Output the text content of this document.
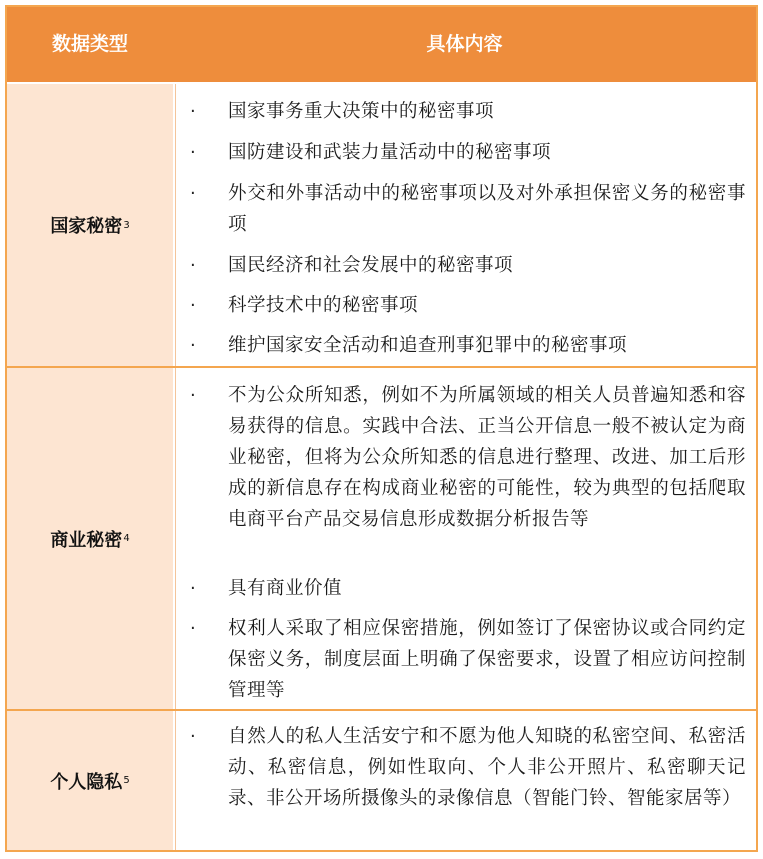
数据类型	具体内容
国家秘密 3
· 国家事务重大决策中的秘密事项
· 国防建设和武装力量活动中的秘密事项
· 外交和外事活动中的秘密事项以及对外承担保密义务的秘密事项
· 国民经济和社会发展中的秘密事项
· 科学技术中的秘密事项
· 维护国家安全活动和追查刑事犯罪中的秘密事项
商业秘密 4
· 不为公众所知悉，例如不为所属领域的相关人员普遍知悉和容易获得的信息。实践中合法、正当公开信息一般不被认定为商业秘密，但将为公众所知悉的信息进行整理、改进、加工后形成的新信息存在构成商业秘密的可能性，较为典型的包括爬取电商平台产品交易信息形成数据分析报告等
· 具有商业价值
· 权利人采取了相应保密措施，例如签订了保密协议或合同约定保密义务，制度层面上明确了保密要求，设置了相应访问控制管理等
个人隐私 5
· 自然人的私人生活安宁和不愿为他人知晓的私密空间、私密活动、私密信息，例如性取向、个人非公开照片、私密聊天记录、非公开场所摄像头的录像信息（智能门铃、智能家居等）
